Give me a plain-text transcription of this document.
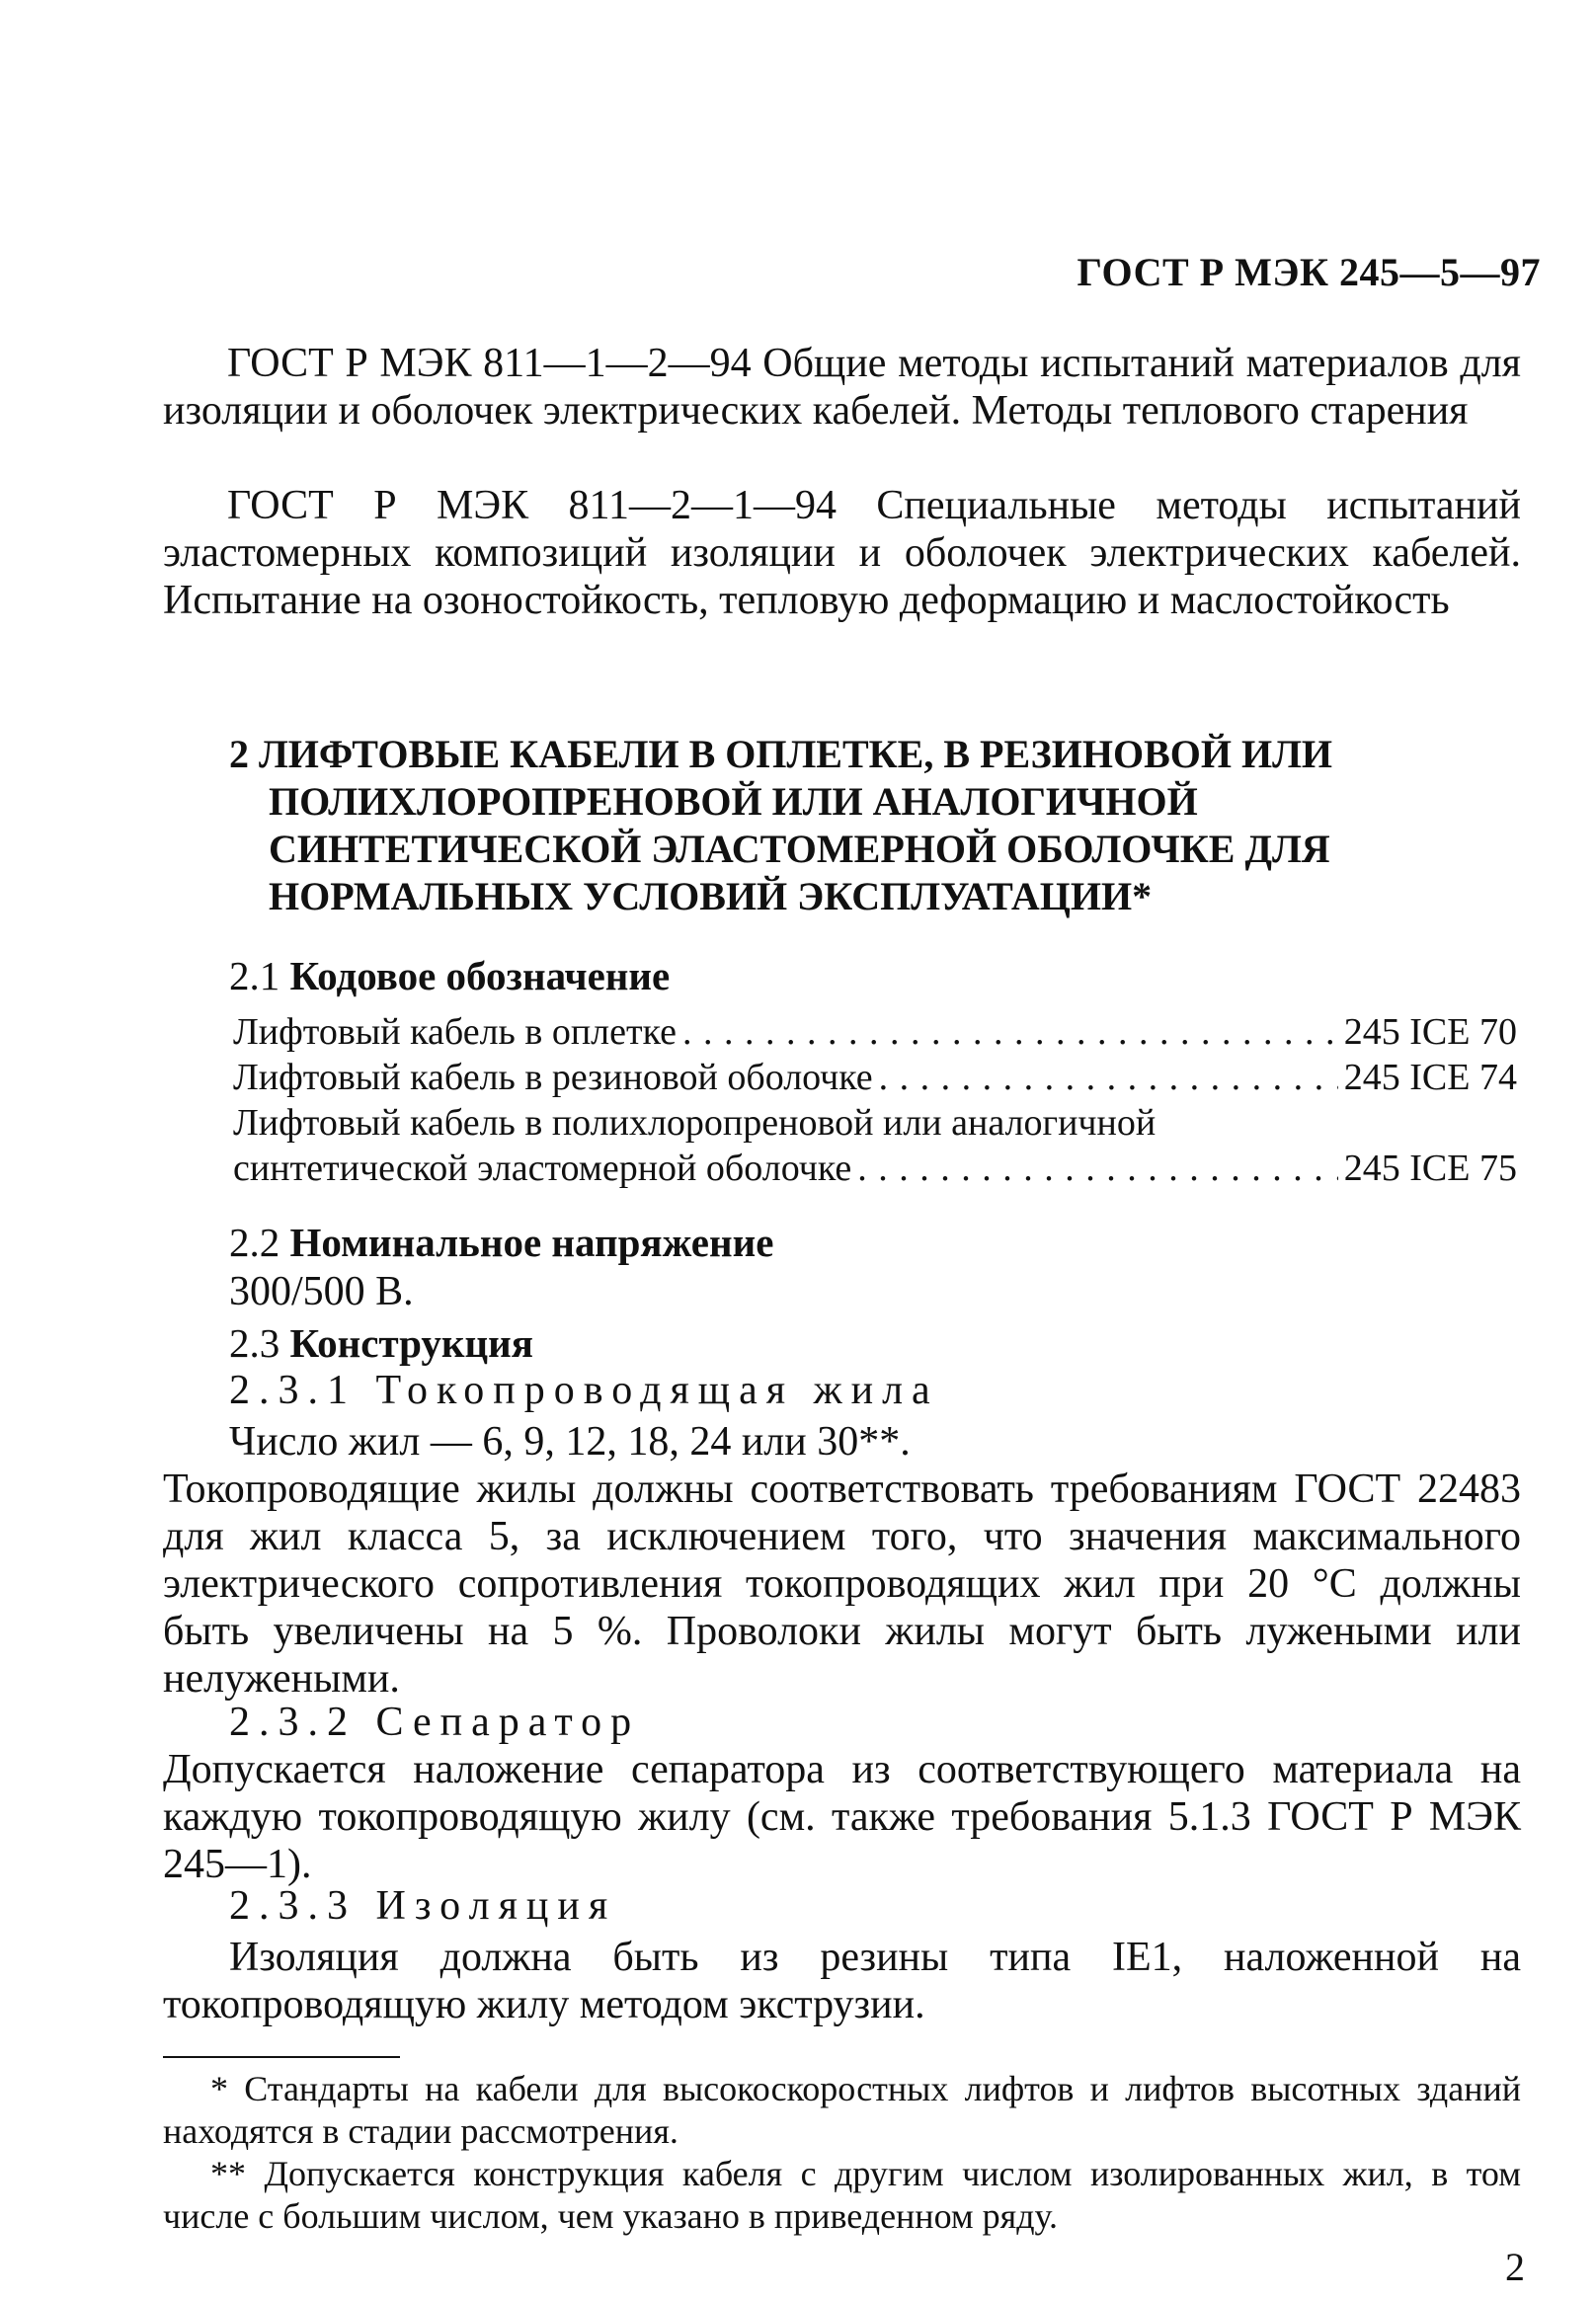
ГОСТ Р МЭК 245—5—97

ГОСТ Р МЭК 811—1—2—94 Общие методы испытаний материалов для изоляции и оболочек электрических кабелей. Методы теплового старения

ГОСТ Р МЭК 811—2—1—94 Специальные методы испытаний эластомерных композиций изоляции и оболочек электрических кабелей. Испытание на озоностойкость, тепловую деформацию и маслостойкость

2 ЛИФТОВЫЕ КАБЕЛИ В ОПЛЕТКЕ, В РЕЗИНОВОЙ ИЛИ ПОЛИХЛОРОПРЕНОВОЙ ИЛИ АНАЛОГИЧНОЙ СИНТЕТИЧЕСКОЙ ЭЛАСТОМЕРНОЙ ОБОЛОЧКЕ ДЛЯ НОРМАЛЬНЫХ УСЛОВИЙ ЭКСПЛУАТАЦИИ*
2.1 Кодовое обозначение
Лифтовый кабель в оплетке . . .	245 ICE 70
Лифтовый кабель в резиновой оболочке . . .	245 ICE 74
Лифтовый кабель в полихлоропреновой или аналогичной
синтетической эластомерной оболочке . . .	245 ICE 75
2.2 Номинальное напряжение
300/500 В.
2.3 Конструкция
2.3.1 Токопроводящая жила
Число жил — 6, 9, 12, 18, 24 или 30**.

Токопроводящие жилы должны соответствовать требованиям ГОСТ 22483 для жил класса 5, за исключением того, что значения максимального электрического сопротивления токопроводящих жил при 20 °С должны быть увеличены на 5 %. Проволоки жилы могут быть лужеными или нелужеными.

2.3.2 Сепаратор

Допускается наложение сепаратора из соответствующего материала на каждую токопроводящую жилу (см. также требования 5.1.3 ГОСТ Р МЭК 245—1).

2.3.3 Изоляция

Изоляция должна быть из резины типа IE1, наложенной на токопроводящую жилу методом экструзии.

* Стандарты на кабели для высокоскоростных лифтов и лифтов высотных зданий находятся в стадии рассмотрения.

** Допускается конструкция кабеля с другим числом изолированных жил, в том числе с большим числом, чем указано в приведенном ряду.

2
